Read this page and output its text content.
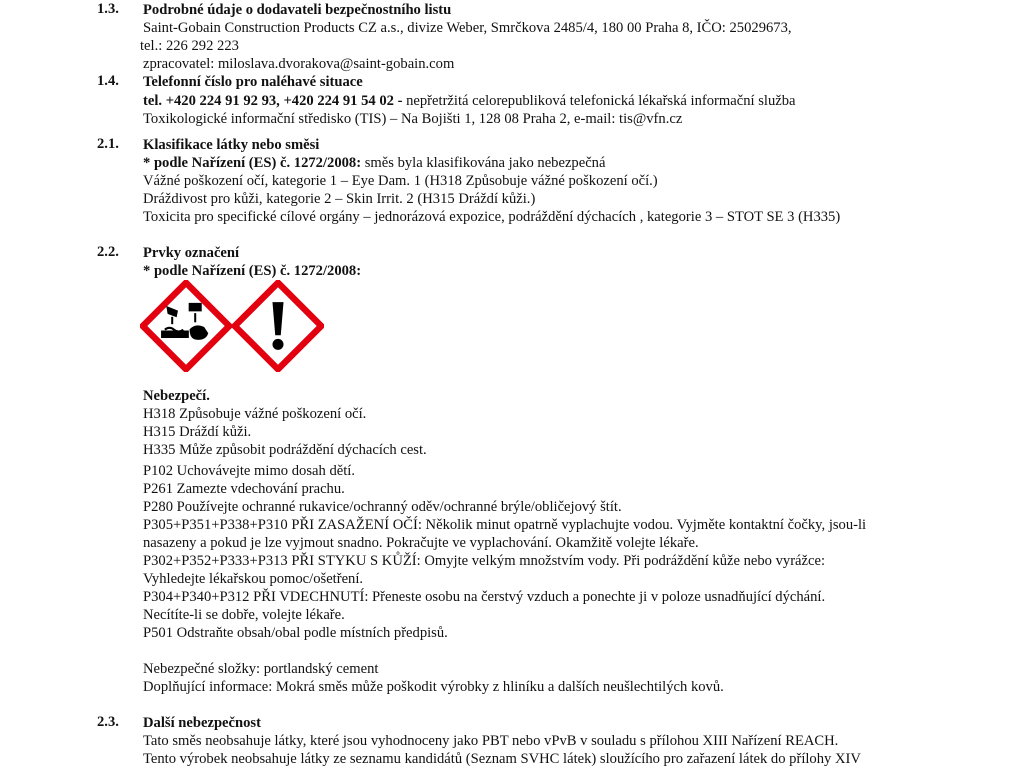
1.3. Podrobné údaje o dodavateli bezpečnostního listu
Saint-Gobain Construction Products CZ a.s., divize Weber, Smrčkova 2485/4, 180 00 Praha 8, IČO: 25029673,
tel.: 226 292 223
zpracovatel: miloslava.dvorakova@saint-gobain.com
1.4. Telefonní číslo pro naléhavé situace
tel. +420 224 91 92 93, +420 224 91 54 02 - nepřetržitá celorepubliková telefonická lékařská informační služba
Toxikologické informační středisko (TIS) – Na Bojišti 1, 128 08 Praha 2, e-mail: tis@vfn.cz
2.1. Klasifikace látky nebo směsi
* podle Nařízení (ES) č. 1272/2008: směs byla klasifikována jako nebezpečná
Vážné poškození očí, kategorie 1 – Eye Dam. 1 (H318 Způsobuje vážné poškození očí.)
Dráždivost pro kůži, kategorie 2 – Skin Irrit. 2 (H315 Dráždí kůži.)
Toxicita pro specifické cílové orgány – jednorázová expozice, podráždění dýchacích , kategorie 3 – STOT SE 3 (H335)
2.2. Prvky označení
* podle Nařízení (ES) č. 1272/2008:
Nebezpečí.
H318 Způsobuje vážné poškození očí.
H315 Dráždí kůži.
H335 Může způsobit podráždění dýchacích cest.
P102 Uchovávejte mimo dosah dětí.
P261 Zamezte vdechování prachu.
P280 Používejte ochranné rukavice/ochranný oděv/ochranné brýle/obličejový štít.
P305+P351+P338+P310 PŘI ZASAŽENÍ OČÍ: Několik minut opatrně vyplachujte vodou. Vyjměte kontaktní čočky, jsou-li
nasazeny a pokud je lze vyjmout snadno. Pokračujte ve vyplachování. Okamžitě volejte lékaře.
P302+P352+P333+P313 PŘI STYKU S KŮŽÍ: Omyjte velkým množstvím vody. Při podráždění kůže nebo vyrážce:
Vyhledejte lékařskou pomoc/ošetření.
P304+P340+P312 PŘI VDECHNUTÍ: Přeneste osobu na čerstvý vzduch a ponechte ji v poloze usnadňující dýchání.
Necítíte-li se dobře, volejte lékaře.
P501 Odstraňte obsah/obal podle místních předpisů.
Nebezpečné složky: portlandský cement
Doplňující informace: Mokrá směs může poškodit výrobky z hliníku a dalších neušlechtilých kovů.
2.3. Další nebezpečnost
Tato směs neobsahuje látky, které jsou vyhodnoceny jako PBT nebo vPvB v souladu s přílohou XIII Nařízení REACH.
Tento výrobek neobsahuje látky ze seznamu kandidátů (Seznam SVHC látek) sloužícího pro zařazení látek do přílohy XIV
